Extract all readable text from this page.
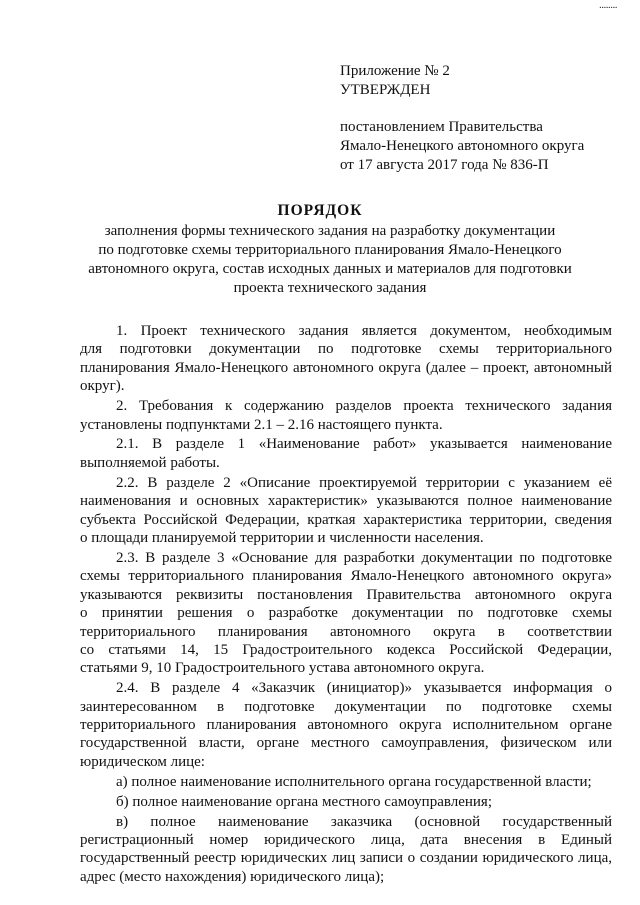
........
Приложение № 2
УТВЕРЖДЕН
постановлением Правительства
Ямало-Ненецкого автономного округа
от 17 августа 2017 года № 836-П
ПОРЯДОК
заполнения формы технического задания на разработку документации
по подготовке схемы территориального планирования Ямало-Ненецкого
автономного округа, состав исходных данных и материалов для подготовки
проекта технического задания
1. Проект технического задания является документом, необходимым
для подготовки документации по подготовке схемы территориального
планирования Ямало-Ненецкого автономного округа (далее – проект, автономный
округ).
2. Требования к содержанию разделов проекта технического задания
установлены подпунктами 2.1 – 2.16 настоящего пункта.
2.1. В разделе 1 «Наименование работ» указывается наименование
выполняемой работы.
2.2. В разделе 2 «Описание проектируемой территории с указанием её
наименования и основных характеристик» указываются полное наименование
субъекта Российской Федерации, краткая характеристика территории, сведения
о площади планируемой территории и численности населения.
2.3. В разделе 3 «Основание для разработки документации по подготовке
схемы территориального планирования Ямало-Ненецкого автономного округа»
указываются реквизиты постановления Правительства автономного округа
о принятии решения о разработке документации по подготовке схемы
территориального планирования автономного округа в соответствии
со статьями 14, 15 Градостроительного кодекса Российской Федерации,
статьями 9, 10 Градостроительного устава автономного округа.
2.4. В разделе 4 «Заказчик (инициатор)» указывается информация о
заинтересованном в подготовке документации по подготовке схемы
территориального планирования автономного округа исполнительном органе
государственной власти, органе местного самоуправления, физическом или
юридическом лице:
а) полное наименование исполнительного органа государственной власти;
б) полное наименование органа местного самоуправления;
в) полное наименование заказчика (основной государственный
регистрационный номер юридического лица, дата внесения в Единый
государственный реестр юридических лиц записи о создании юридического лица,
адрес (место нахождения) юридического лица);
